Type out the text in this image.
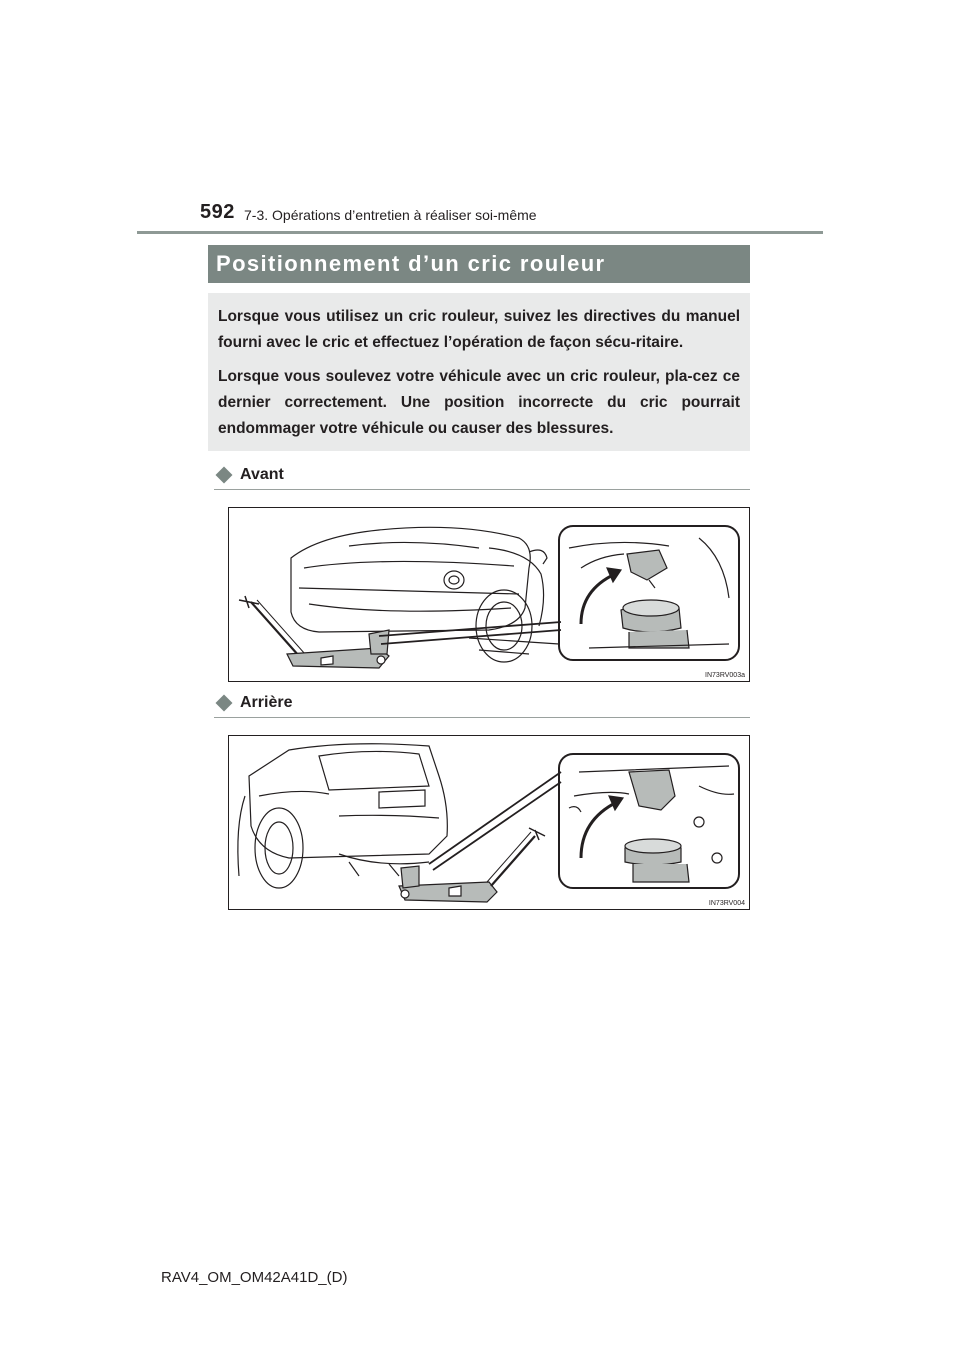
592 7-3. Opérations d’entretien à réaliser soi-même
Positionnement d’un cric rouleur

Lorsque vous utilisez un cric rouleur, suivez les directives du manuel fourni avec le cric et effectuez l’opération de façon sécu-ritaire.

Lorsque vous soulevez votre véhicule avec un cric rouleur, pla-cez ce dernier correctement. Une position incorrecte du cric pourrait endommager votre véhicule ou causer des blessures.

Avant
IN73RV003a
Arrière
IN73RV004
RAV4_OM_OM42A41D_(D)
